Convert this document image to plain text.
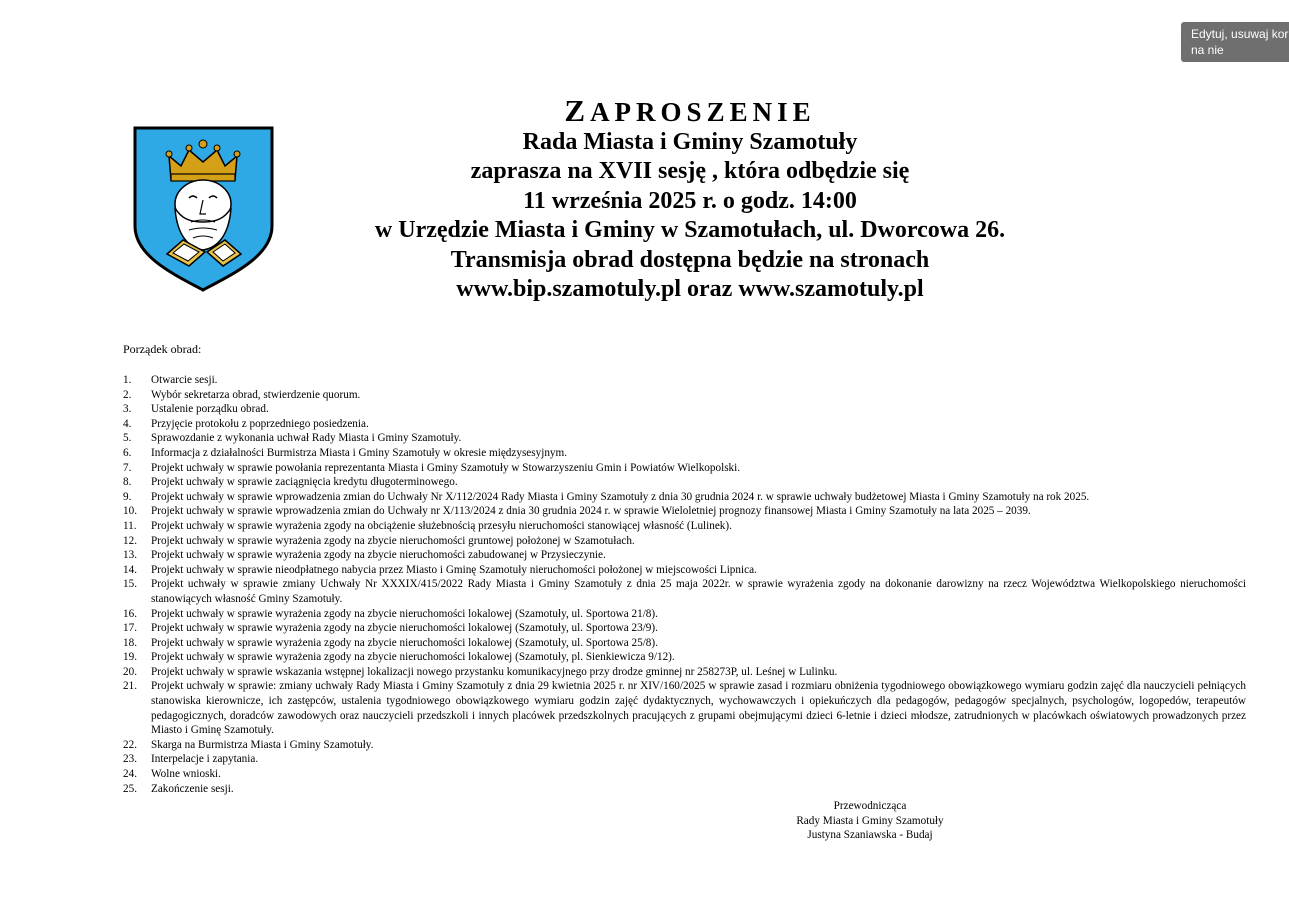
Edytuj, usuwaj kor
na nie
ZAPROSZENIE
Rada Miasta i Gminy Szamotuły
zaprasza na XVII sesję , która odbędzie się
11 września 2025 r. o godz. 14:00
w Urzędzie Miasta i Gminy w Szamotułach, ul. Dworcowa 26.
Transmisja obrad dostępna będzie na stronach
www.bip.szamotuly.pl oraz www.szamotuly.pl
Porządek obrad:
1.	Otwarcie sesji.
2.	Wybór sekretarza obrad, stwierdzenie quorum.
3.	Ustalenie porządku obrad.
4.	Przyjęcie protokołu z poprzedniego posiedzenia.
5.	Sprawozdanie z wykonania uchwał Rady Miasta i Gminy Szamotuły.
6.	Informacja z działalności Burmistrza Miasta i Gminy Szamotuły w okresie międzysesyjnym.
7.	Projekt uchwały w sprawie powołania reprezentanta Miasta i Gminy Szamotuły w Stowarzyszeniu Gmin i Powiatów Wielkopolski.
8.	Projekt uchwały w sprawie zaciągnięcia kredytu długoterminowego.
9.	Projekt uchwały w sprawie wprowadzenia zmian do Uchwały Nr X/112/2024 Rady Miasta i Gminy Szamotuły z dnia 30 grudnia 2024 r. w sprawie uchwały budżetowej Miasta i Gminy Szamotuły na rok 2025.
10.	Projekt uchwały w sprawie wprowadzenia zmian do Uchwały nr X/113/2024 z dnia 30 grudnia 2024 r. w sprawie Wieloletniej prognozy finansowej Miasta i Gminy Szamotuły na lata 2025 – 2039.
11.	Projekt uchwały w sprawie wyrażenia zgody na obciążenie służebnością przesyłu nieruchomości stanowiącej własność (Lulinek).
12.	Projekt uchwały w sprawie wyrażenia zgody na zbycie nieruchomości gruntowej położonej w Szamotułach.
13.	Projekt uchwały w sprawie wyrażenia zgody na zbycie nieruchomości zabudowanej w Przysieczynie.
14.	Projekt uchwały w sprawie nieodpłatnego nabycia przez Miasto i Gminę Szamotuły nieruchomości położonej w miejscowości Lipnica.
15.	Projekt uchwały w sprawie zmiany Uchwały Nr XXXIX/415/2022 Rady Miasta i Gminy Szamotuły z dnia 25 maja 2022r. w sprawie wyrażenia zgody na dokonanie darowizny na rzecz Województwa Wielkopolskiego nieruchomości stanowiących własność Gminy Szamotuły.
16.	Projekt uchwały w sprawie wyrażenia zgody na zbycie nieruchomości lokalowej (Szamotuły, ul. Sportowa 21/8).
17.	Projekt uchwały w sprawie wyrażenia zgody na zbycie nieruchomości lokalowej (Szamotuły, ul. Sportowa 23/9).
18.	Projekt uchwały w sprawie wyrażenia zgody na zbycie nieruchomości lokalowej (Szamotuły, ul. Sportowa 25/8).
19.	Projekt uchwały w sprawie wyrażenia zgody na zbycie nieruchomości lokalowej (Szamotuły, pl. Sienkiewicza 9/12).
20.	Projekt uchwały w sprawie wskazania wstępnej lokalizacji nowego przystanku komunikacyjnego przy drodze gminnej nr 258273P, ul. Leśnej w Lulinku.
21.	Projekt uchwały w sprawie: zmiany uchwały Rady Miasta i Gminy Szamotuły z dnia 29 kwietnia 2025 r. nr XIV/160/2025 w sprawie zasad i rozmiaru obniżenia tygodniowego obowiązkowego wymiaru godzin zajęć dla nauczycieli pełniących stanowiska kierownicze, ich zastępców, ustalenia tygodniowego obowiązkowego wymiaru godzin zajęć dydaktycznych, wychowawczych i opiekuńczych dla pedagogów, pedagogów specjalnych, psychologów, logopedów, terapeutów pedagogicznych, doradców zawodowych oraz nauczycieli przedszkoli i innych placówek przedszkolnych pracujących z grupami obejmującymi dzieci 6-letnie i dzieci młodsze, zatrudnionych w placówkach oświatowych prowadzonych przez Miasto i Gminę Szamotuły.
22.	Skarga na Burmistrza Miasta i Gminy Szamotuły.
23.	Interpelacje i zapytania.
24.	Wolne wnioski.
25.	Zakończenie sesji.
Przewodnicząca
Rady Miasta i Gminy Szamotuły
Justyna Szaniawska - Budaj
